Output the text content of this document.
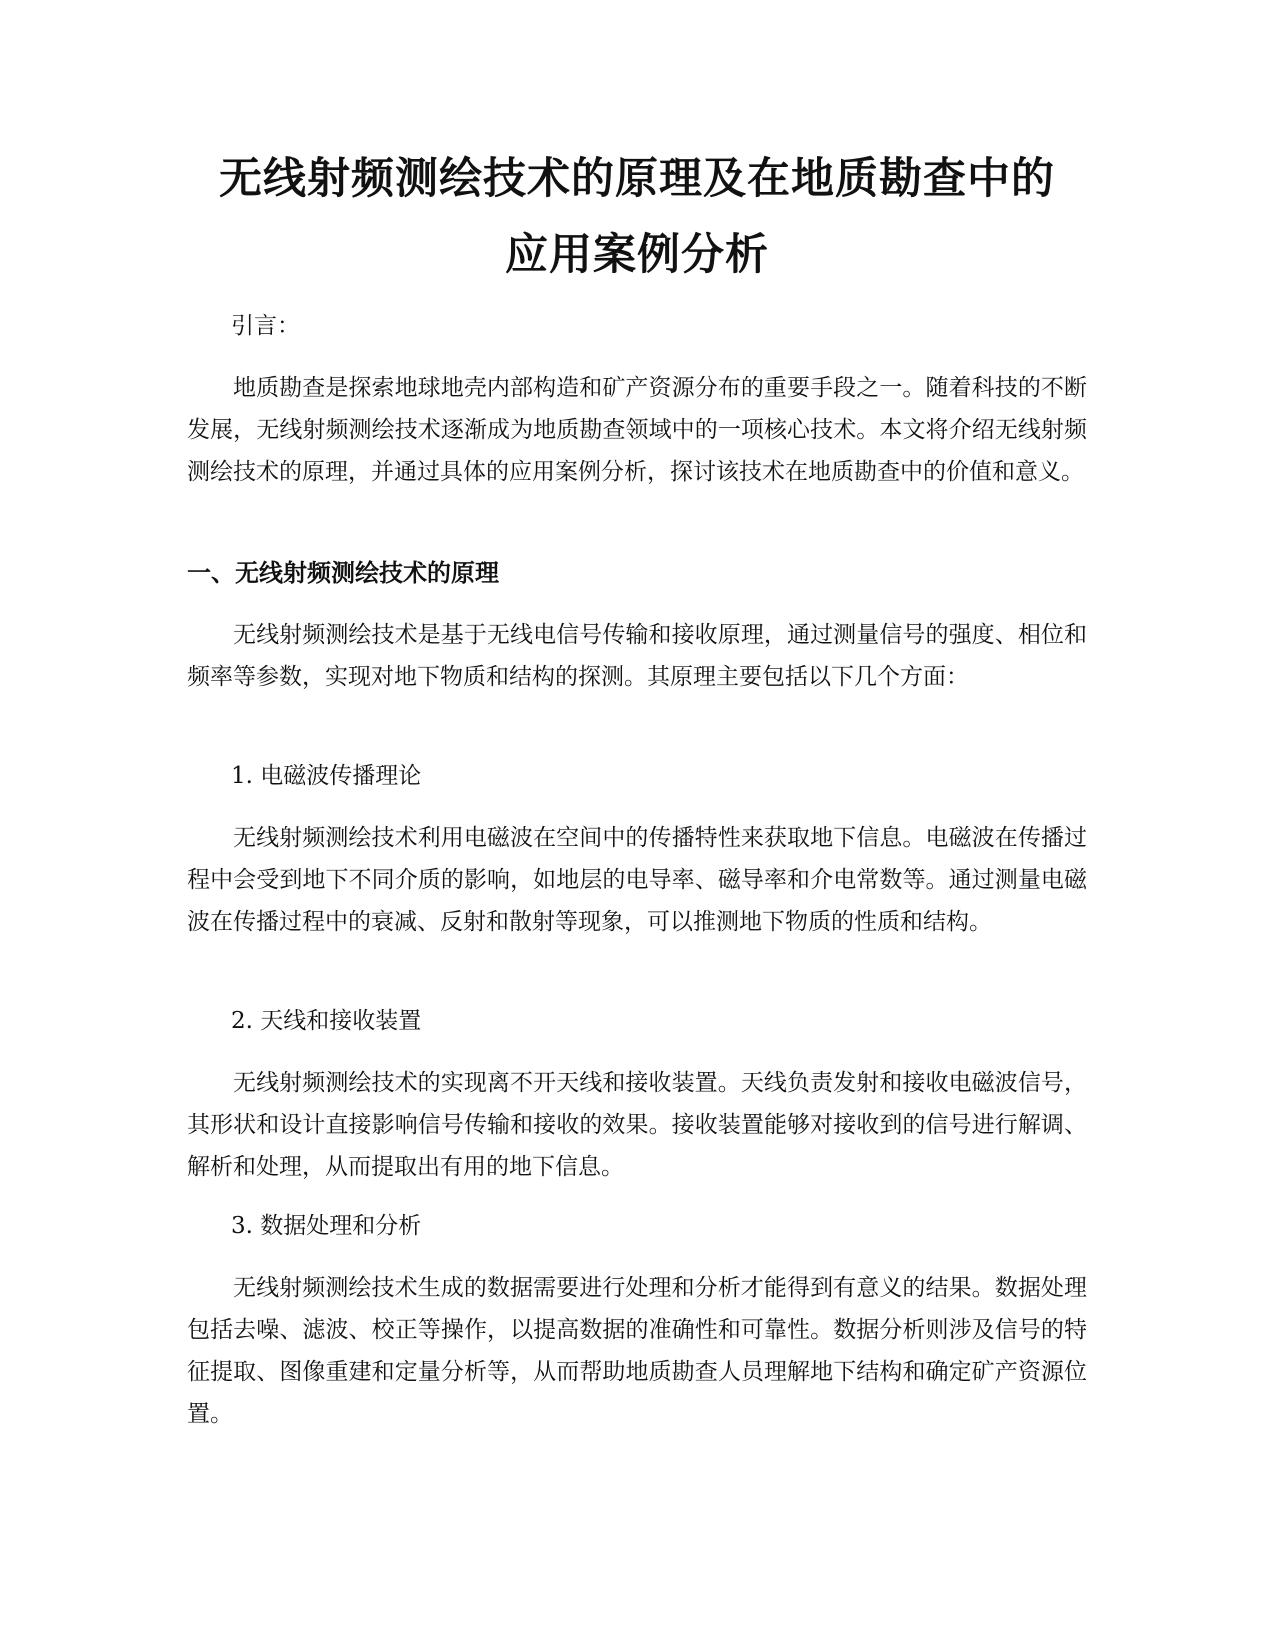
无线射频测绘技术的原理及在地质勘查中的
应用案例分析

引言：

地质勘查是探索地球地壳内部构造和矿产资源分布的重要手段之一。随着科技的不断发展，无线射频测绘技术逐渐成为地质勘查领域中的一项核心技术。本文将介绍无线射频测绘技术的原理，并通过具体的应用案例分析，探讨该技术在地质勘查中的价值和意义。

一、无线射频测绘技术的原理

无线射频测绘技术是基于无线电信号传输和接收原理，通过测量信号的强度、相位和频率等参数，实现对地下物质和结构的探测。其原理主要包括以下几个方面：

1. 电磁波传播理论

无线射频测绘技术利用电磁波在空间中的传播特性来获取地下信息。电磁波在传播过程中会受到地下不同介质的影响，如地层的电导率、磁导率和介电常数等。通过测量电磁波在传播过程中的衰减、反射和散射等现象，可以推测地下物质的性质和结构。

2. 天线和接收装置

无线射频测绘技术的实现离不开天线和接收装置。天线负责发射和接收电磁波信号，其形状和设计直接影响信号传输和接收的效果。接收装置能够对接收到的信号进行解调、解析和处理，从而提取出有用的地下信息。

3. 数据处理和分析

无线射频测绘技术生成的数据需要进行处理和分析才能得到有意义的结果。数据处理包括去噪、滤波、校正等操作，以提高数据的准确性和可靠性。数据分析则涉及信号的特征提取、图像重建和定量分析等，从而帮助地质勘查人员理解地下结构和确定矿产资源位置。
